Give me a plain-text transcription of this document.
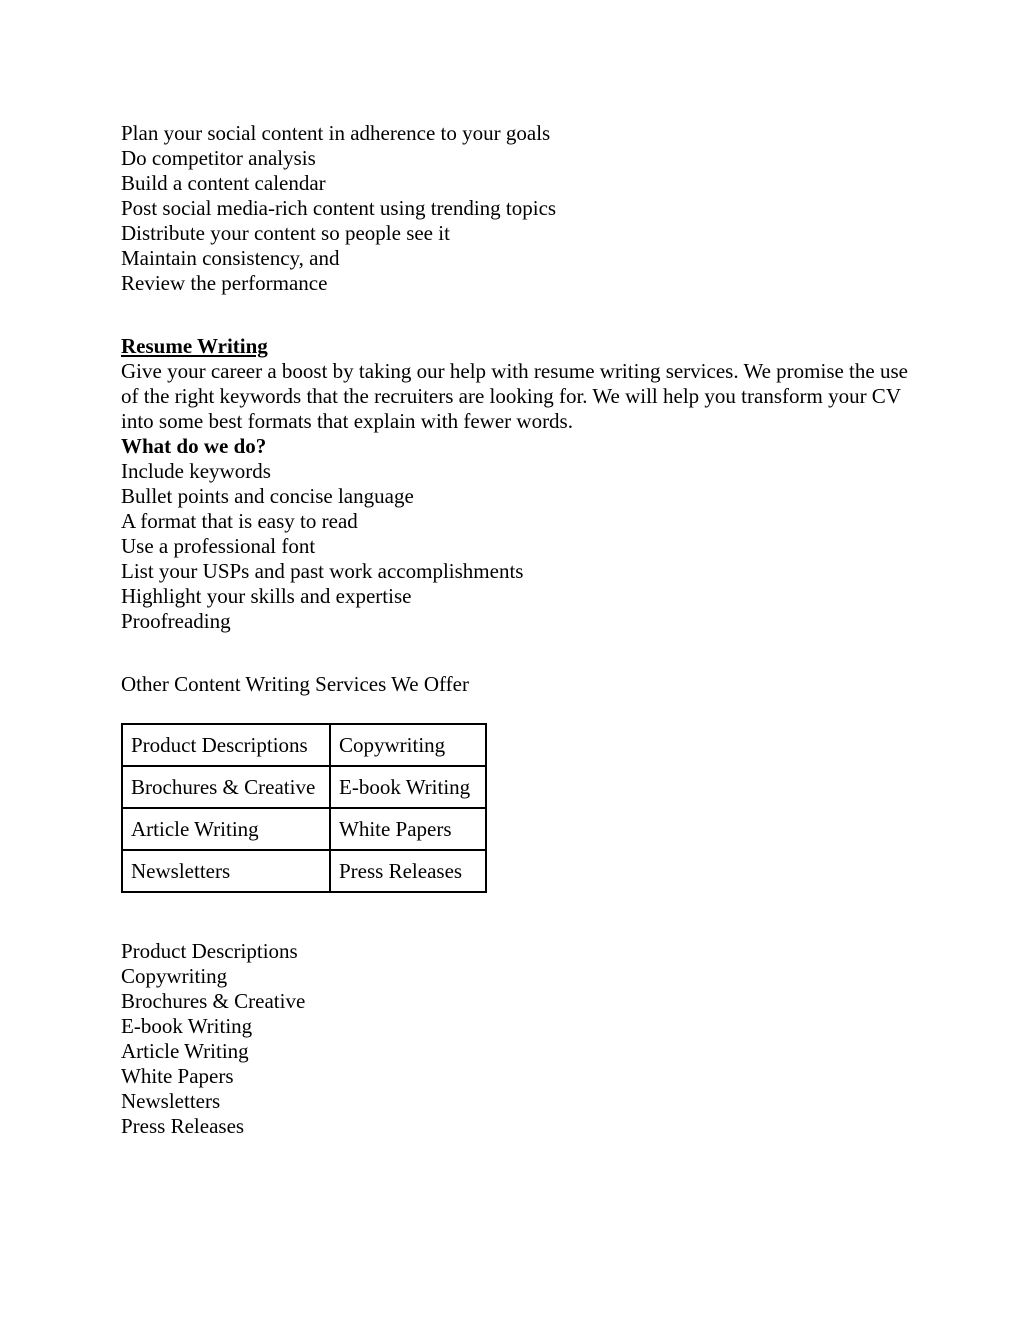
Plan your social content in adherence to your goals
Do competitor analysis
Build a content calendar
Post social media-rich content using trending topics
Distribute your content so people see it
Maintain consistency, and
Review the performance
Resume Writing
Give your career a boost by taking our help with resume writing services. We promise the use of the right keywords that the recruiters are looking for. We will help you transform your CV into some best formats that explain with fewer words.
What do we do?
Include keywords
Bullet points and concise language
A format that is easy to read
Use a professional font
List your USPs and past work accomplishments
Highlight your skills and expertise
Proofreading
Other Content Writing Services We Offer
Product Descriptions	Copywriting
Brochures & Creative	E-book Writing
Article Writing	White Papers
Newsletters	Press Releases
Product Descriptions
Copywriting
Brochures & Creative
E-book Writing
Article Writing
White Papers
Newsletters
Press Releases
